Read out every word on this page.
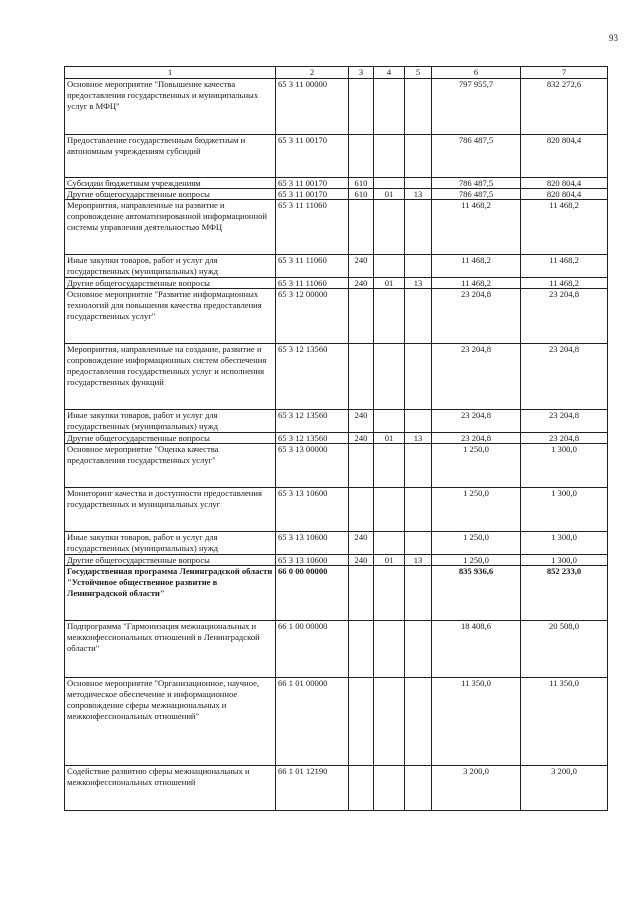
93
1	2	3	4	5	6	7
Основное мероприятие "Повышение качества предоставления государственных и муниципальных услуг в МФЦ"	65 3 11 00000				797 955,7	832 272,6
Предоставление государственным бюджетным и автономным учреждениям субсидий	65 3 11 00170				786 487,5	820 804,4
Субсидии бюджетным учреждениям	65 3 11 00170	610			786 487,5	820 804,4
Другие общегосударственные вопросы	65 3 11 00170	610	01	13	786 487,5	820 804,4
Мероприятия, направленные на развитие и сопровождение автоматизированной информационной системы управления деятельностью МФЦ	65 3 11 11060				11 468,2	11 468,2
Иные закупки товаров, работ и услуг для государственных (муниципальных) нужд	65 3 11 11060	240			11 468,2	11 468,2
Другие общегосударственные вопросы	65 3 11 11060	240	01	13	11 468,2	11 468,2
Основное мероприятие "Развитие информационных технологий для повышения качества предоставления государственных услуг"	65 3 12 00000				23 204,8	23 204,8
Мероприятия, направленные на создание, развитие и сопровождение информационных систем обеспечения предоставления государственных услуг и исполнения государственных функций	65 3 12 13560				23 204,8	23 204,8
Иные закупки товаров, работ и услуг для государственных (муниципальных) нужд	65 3 12 13560	240			23 204,8	23 204,8
Другие общегосударственные вопросы	65 3 12 13560	240	01	13	23 204,8	23 204,8
Основное мероприятие "Оценка качества предоставления государственных услуг"	65 3 13 00000				1 250,0	1 300,0
Мониторинг качества и доступности предоставления государственных и муниципальных услуг	65 3 13 10600				1 250,0	1 300,0
Иные закупки товаров, работ и услуг для государственных (муниципальных) нужд	65 3 13 10600	240			1 250,0	1 300,0
Другие общегосударственные вопросы	65 3 13 10600	240	01	13	1 250,0	1 300,0
Государственная программа Ленинградской области "Устойчивое общественное развитие в Ленинградской области"	66 0 00 00000				835 936,6	852 233,0
Подпрограмма "Гармонизация межнациональных и межконфессиональных отношений в Ленинградской области"	66 1 00 00000				18 408,6	20 508,0
Основное мероприятие "Организационное, научное, методическое обеспечение и информационное сопровождение сферы межнациональных и межконфессиональных отношений"	66 1 01 00000				11 350,0	11 350,0
Содействие развитию сферы межнациональных и межконфессиональных отношений	66 1 01 12190				3 200,0	3 200,0
